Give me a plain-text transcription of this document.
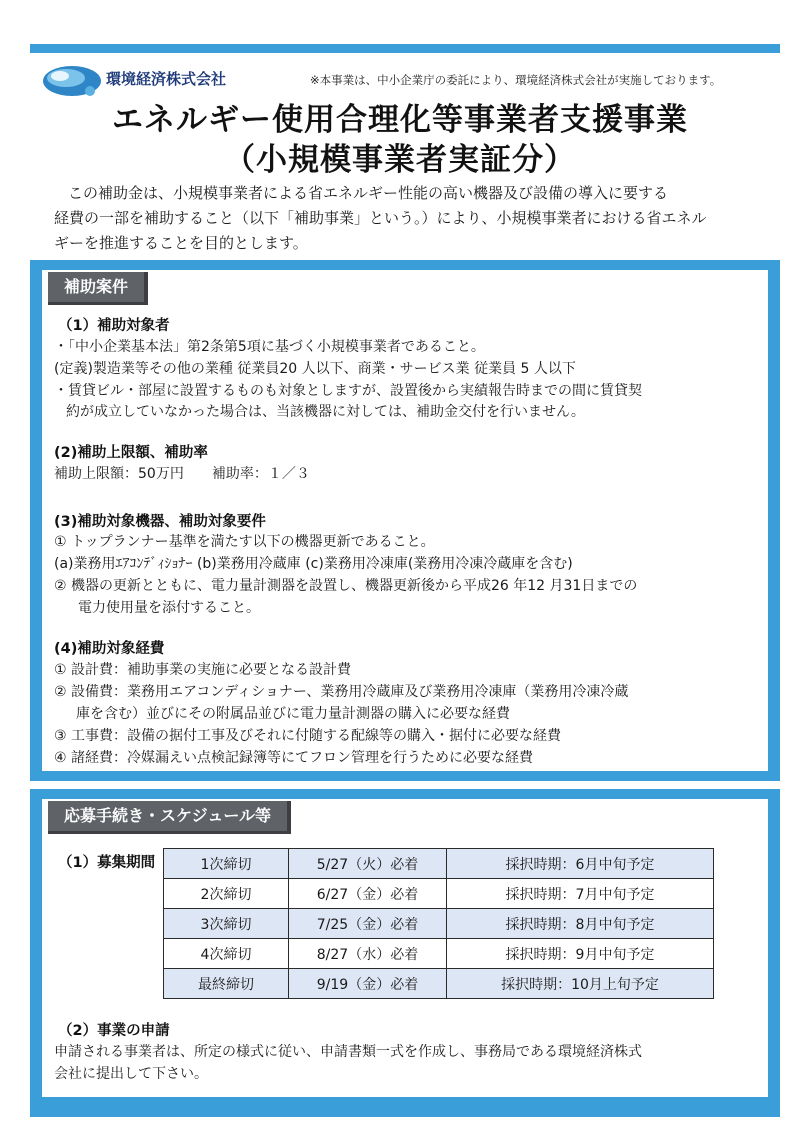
環境経済株式会社	※本事業は、中小企業庁の委託により、環境経済株式会社が実施しております。
エネルギー使用合理化等事業者支援事業
（小規模事業者実証分）
この補助金は、小規模事業者による省エネルギー性能の高い機器及び設備の導入に要する
経費の一部を補助すること（以下「補助事業」という。）により、小規模事業者における省エネル
ギーを推進することを目的とします。
補助案件
（1）補助対象者
・「中小企業基本法」第2条第5項に基づく小規模事業者であること。
(定義)製造業等その他の業種 従業員20 人以下、商業・サービス業 従業員 5 人以下
・賃貸ビル・部屋に設置するものも対象としますが、設置後から実績報告時までの間に賃貸契
約が成立していなかった場合は、当該機器に対しては、補助金交付を行いません。
(2)補助上限額、補助率
補助上限額：50万円　　補助率：１／３
(3)補助対象機器、補助対象要件
① トップランナー基準を満たす以下の機器更新であること。
(a)業務用ｴｱｺﾝﾃﾞｨｼｮﾅｰ (b)業務用冷蔵庫 (c)業務用冷凍庫(業務用冷凍冷蔵庫を含む)
② 機器の更新とともに、電力量計測器を設置し、機器更新後から平成26 年12 月31日までの
電力使用量を添付すること。
(4)補助対象経費
① 設計費：補助事業の実施に必要となる設計費
② 設備費：業務用エアコンディショナー、業務用冷蔵庫及び業務用冷凍庫（業務用冷凍冷蔵
庫を含む）並びにその附属品並びに電力量計測器の購入に必要な経費
③ 工事費：設備の据付工事及びそれに付随する配線等の購入・据付に必要な経費
④ 諸経費：冷媒漏えい点検記録簿等にてフロン管理を行うために必要な経費
応募手続き・スケジュール等
（1）募集期間	1次締切	5/27（火）必着	採択時期：6月中旬予定
2次締切	6/27（金）必着	採択時期：7月中旬予定
3次締切	7/25（金）必着	採択時期：8月中旬予定
4次締切	8/27（水）必着	採択時期：9月中旬予定
最終締切	9/19（金）必着	採択時期：10月上旬予定
（2）事業の申請
申請される事業者は、所定の様式に従い、申請書類一式を作成し、事務局である環境経済株式
会社に提出して下さい。
